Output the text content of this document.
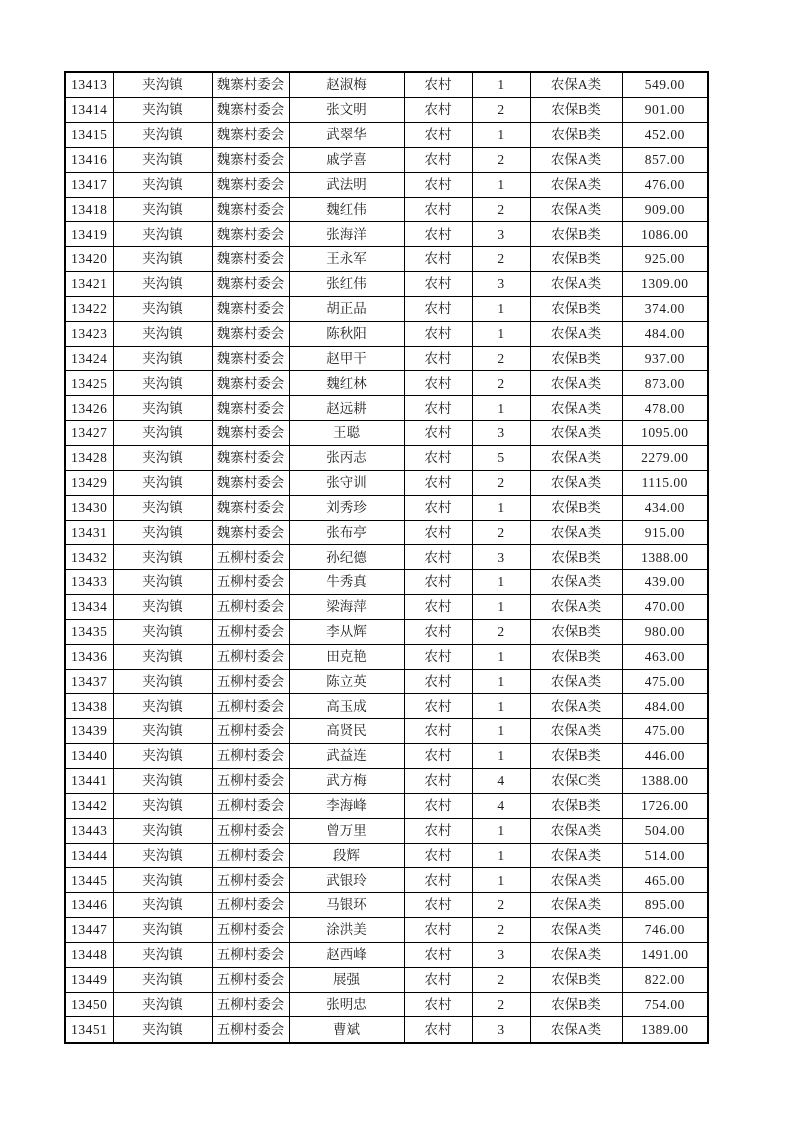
13413	夹沟镇	魏寨村委会	赵淑梅	农村	1	农保A类	549.00
13414	夹沟镇	魏寨村委会	张文明	农村	2	农保B类	901.00
13415	夹沟镇	魏寨村委会	武翠华	农村	1	农保B类	452.00
13416	夹沟镇	魏寨村委会	戚学喜	农村	2	农保A类	857.00
13417	夹沟镇	魏寨村委会	武法明	农村	1	农保A类	476.00
13418	夹沟镇	魏寨村委会	魏红伟	农村	2	农保A类	909.00
13419	夹沟镇	魏寨村委会	张海洋	农村	3	农保B类	1086.00
13420	夹沟镇	魏寨村委会	王永军	农村	2	农保B类	925.00
13421	夹沟镇	魏寨村委会	张红伟	农村	3	农保A类	1309.00
13422	夹沟镇	魏寨村委会	胡正品	农村	1	农保B类	374.00
13423	夹沟镇	魏寨村委会	陈秋阳	农村	1	农保A类	484.00
13424	夹沟镇	魏寨村委会	赵甲干	农村	2	农保B类	937.00
13425	夹沟镇	魏寨村委会	魏红林	农村	2	农保A类	873.00
13426	夹沟镇	魏寨村委会	赵远耕	农村	1	农保A类	478.00
13427	夹沟镇	魏寨村委会	王聪	农村	3	农保A类	1095.00
13428	夹沟镇	魏寨村委会	张丙志	农村	5	农保A类	2279.00
13429	夹沟镇	魏寨村委会	张守训	农村	2	农保A类	1115.00
13430	夹沟镇	魏寨村委会	刘秀珍	农村	1	农保B类	434.00
13431	夹沟镇	魏寨村委会	张布亭	农村	2	农保A类	915.00
13432	夹沟镇	五柳村委会	孙纪德	农村	3	农保B类	1388.00
13433	夹沟镇	五柳村委会	牛秀真	农村	1	农保A类	439.00
13434	夹沟镇	五柳村委会	梁海萍	农村	1	农保A类	470.00
13435	夹沟镇	五柳村委会	李从辉	农村	2	农保B类	980.00
13436	夹沟镇	五柳村委会	田克艳	农村	1	农保B类	463.00
13437	夹沟镇	五柳村委会	陈立英	农村	1	农保A类	475.00
13438	夹沟镇	五柳村委会	高玉成	农村	1	农保A类	484.00
13439	夹沟镇	五柳村委会	高贤民	农村	1	农保A类	475.00
13440	夹沟镇	五柳村委会	武益连	农村	1	农保B类	446.00
13441	夹沟镇	五柳村委会	武方梅	农村	4	农保C类	1388.00
13442	夹沟镇	五柳村委会	李海峰	农村	4	农保B类	1726.00
13443	夹沟镇	五柳村委会	曾万里	农村	1	农保A类	504.00
13444	夹沟镇	五柳村委会	段辉	农村	1	农保A类	514.00
13445	夹沟镇	五柳村委会	武银玲	农村	1	农保A类	465.00
13446	夹沟镇	五柳村委会	马银环	农村	2	农保A类	895.00
13447	夹沟镇	五柳村委会	涂洪美	农村	2	农保A类	746.00
13448	夹沟镇	五柳村委会	赵西峰	农村	3	农保A类	1491.00
13449	夹沟镇	五柳村委会	展强	农村	2	农保B类	822.00
13450	夹沟镇	五柳村委会	张明忠	农村	2	农保B类	754.00
13451	夹沟镇	五柳村委会	曹斌	农村	3	农保A类	1389.00
